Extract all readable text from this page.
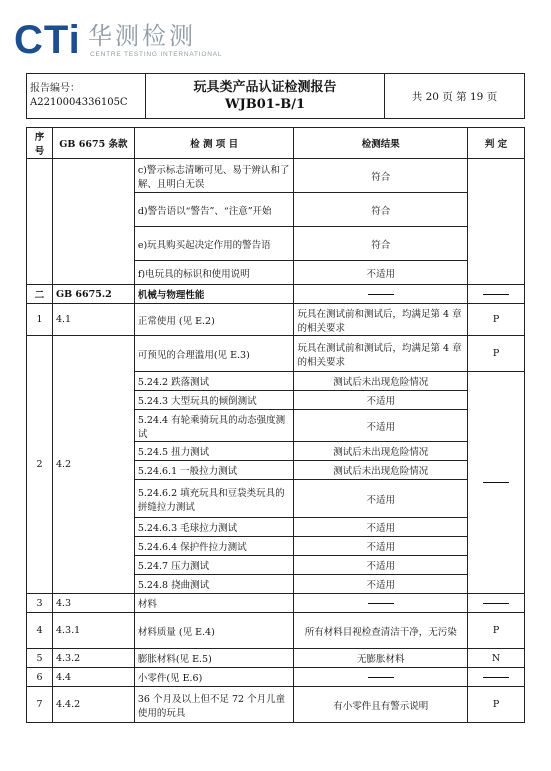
CTi 华测检测
CENTRE TESTING INTERNATIONAL
报告编号：
A2210004336105C

玩具类产品认证检测报告
WJB01-B/1
	共 20 页 第 19 页
序号	GB 6675 条款	检 测 项 目	检测结果	判 定
		c)警示标志清晰可见、易于辨认和了解、且明白无误	符合	
		d)警告语以“警告”、“注意”开始	符合	
		e)玩具购买起决定作用的警告语	符合	
		f)电玩具的标识和使用说明	不适用	
二	GB 6675.2	机械与物理性能		
1	4.1	正常使用 (见 E.2)	玩具在测试前和测试后，均满足第 4 章的相关要求	P
2	4.2	可预见的合理滥用(见 E.3)	玩具在测试前和测试后，均满足第 4 章的相关要求	P
		5.24.2 跌落测试	测试后未出现危险情况	
		5.24.3 大型玩具的倾倒测试	不适用	
		5.24.4 有轮乘骑玩具的动态强度测试	不适用	
		5.24.5 扭力测试	测试后未出现危险情况	
		5.24.6.1 一般拉力测试	测试后未出现危险情况	
		5.24.6.2 填充玩具和豆袋类玩具的拼缝拉力测试	不适用	
		5.24.6.3 毛球拉力测试	不适用	
		5.24.6.4 保护件拉力测试	不适用	
		5.24.7 压力测试	不适用	
		5.24.8 挠曲测试	不适用	
3	4.3	材料		
4	4.3.1	材料质量 (见 E.4)	所有材料目视检查清洁干净，无污染	P
5	4.3.2	膨胀材料(见 E.5)	无膨胀材料	N
6	4.4	小零件(见 E.6)		
7	4.4.2	36 个月及以上但不足 72 个月儿童使用的玩具	有小零件且有警示说明	P
